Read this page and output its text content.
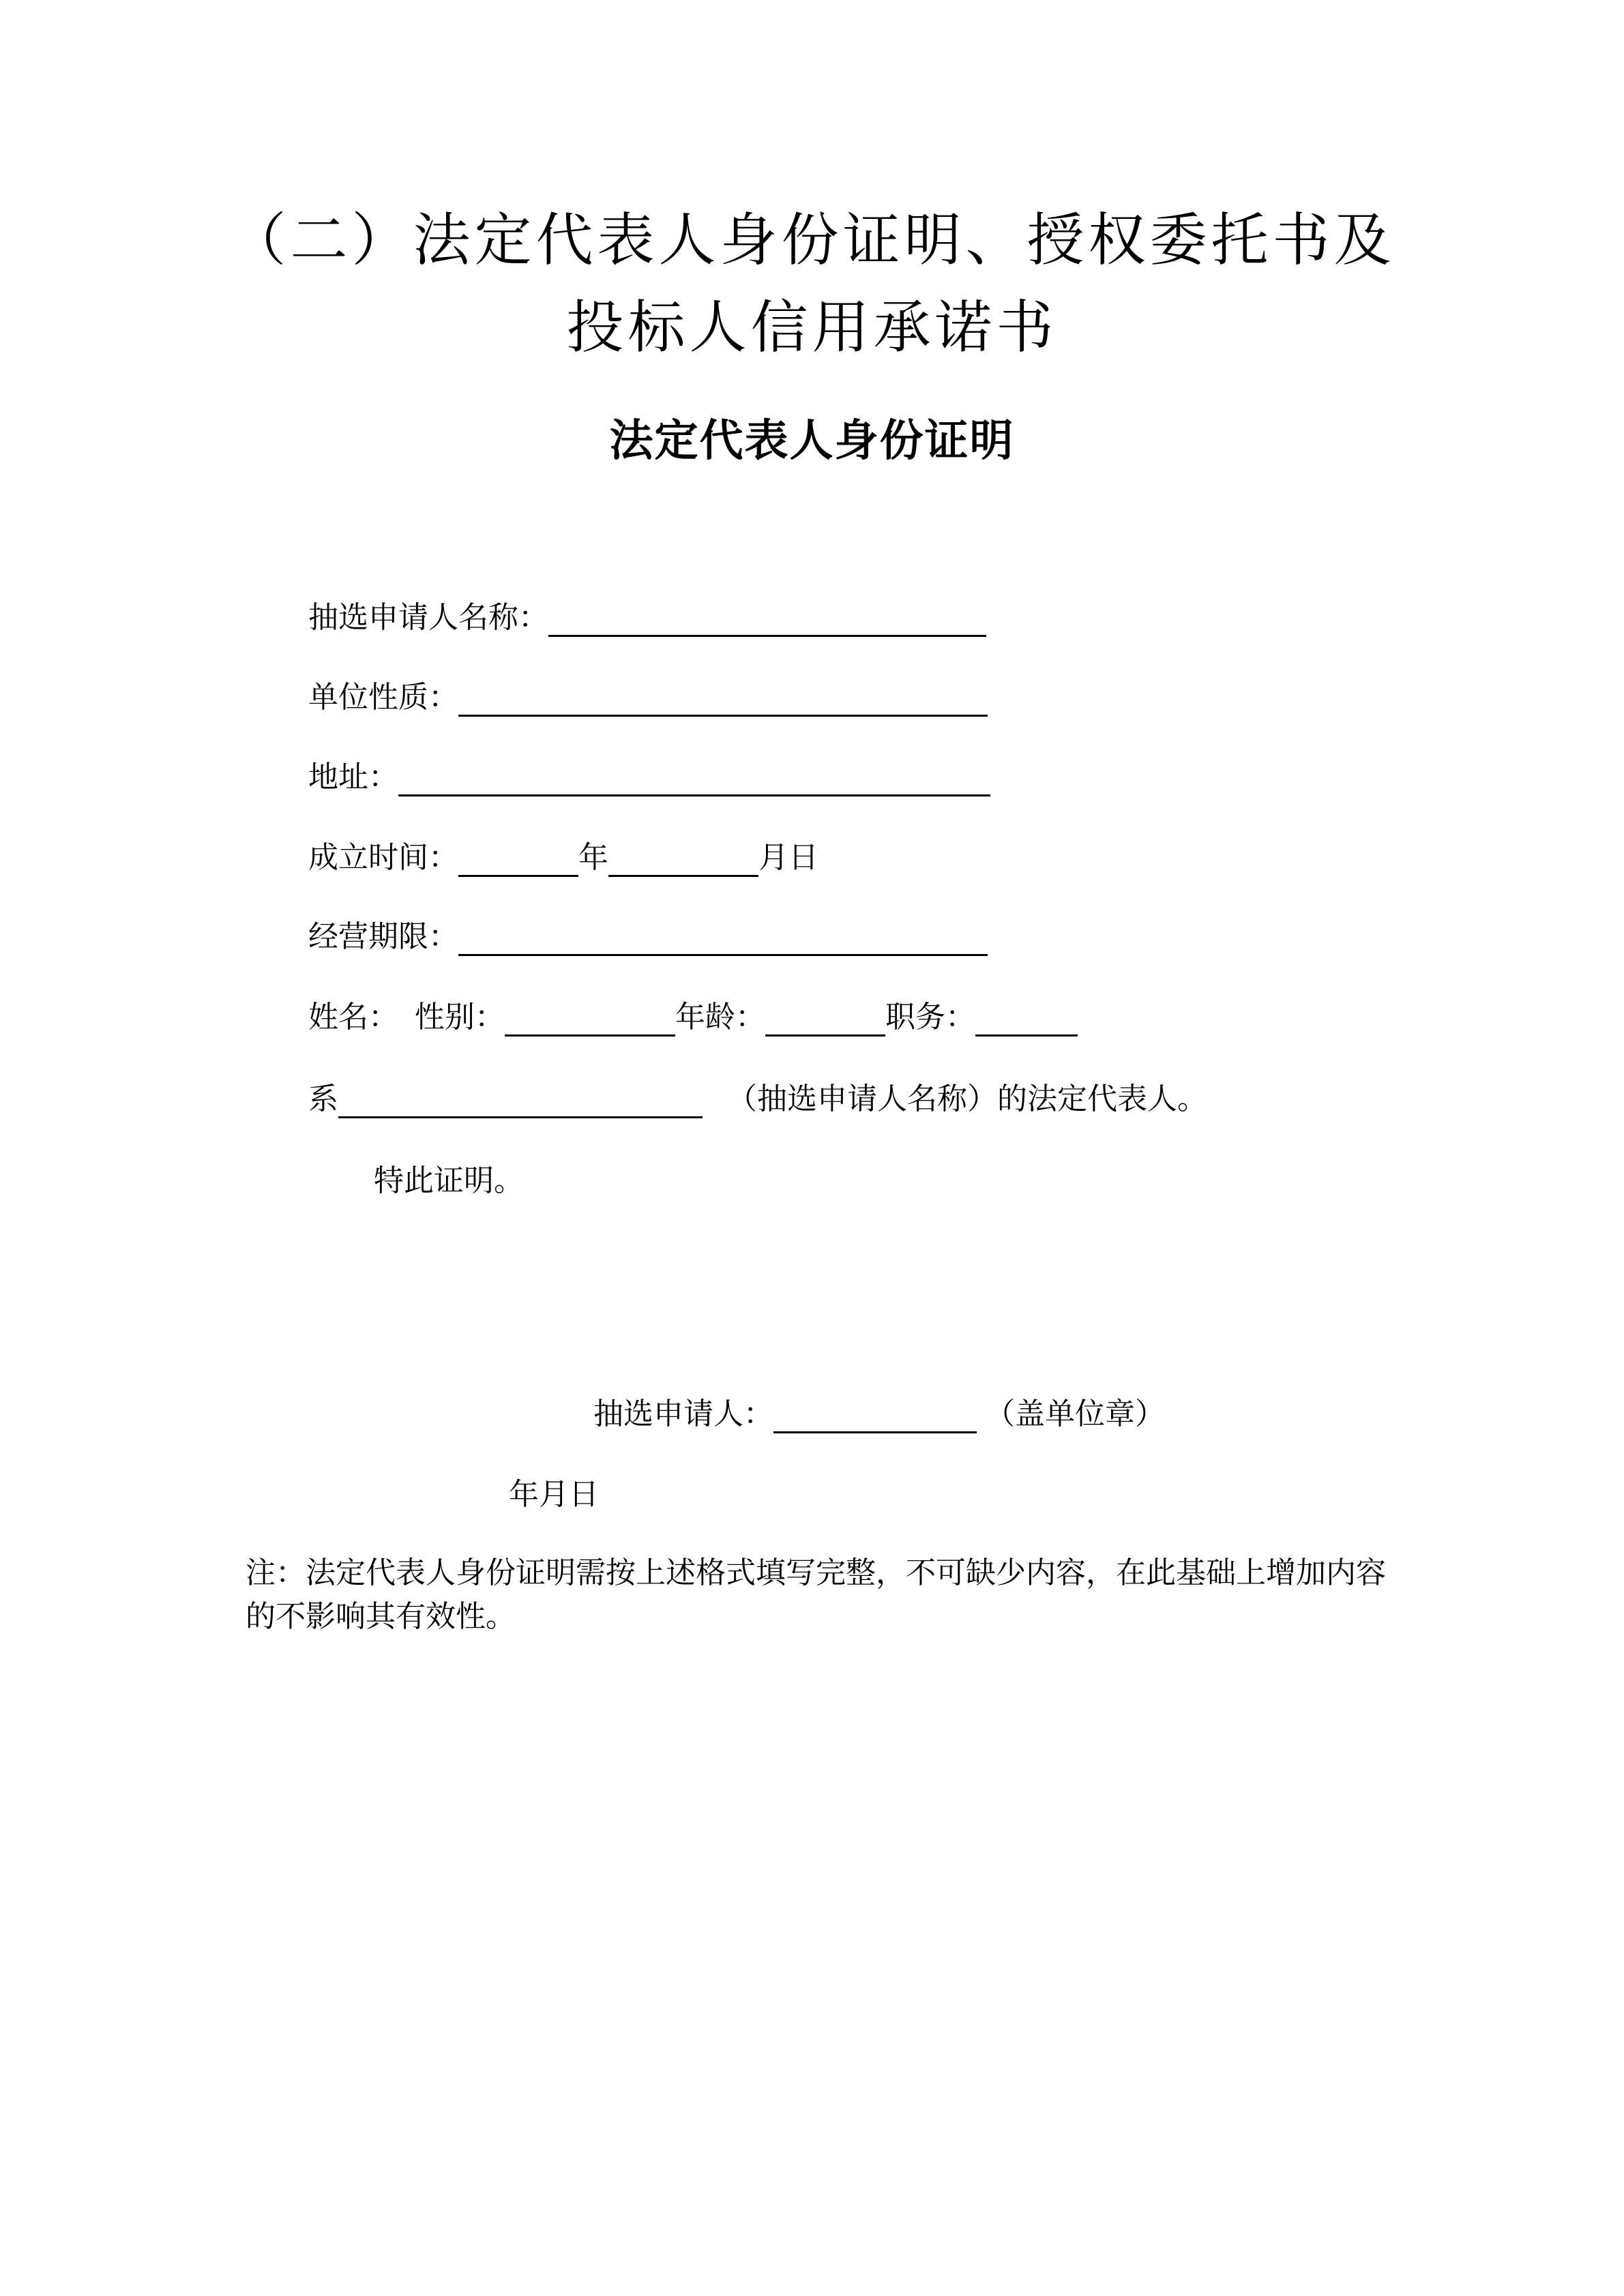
（二）法定代表人身份证明、授权委托书及
投标人信用承诺书
法定代表人身份证明
抽选申请人名称：
单位性质：
地址：
成立时间：	年	月日
经营期限：
姓名： 性别：	年龄：	职务：
系	（抽选申请人名称）的法定代表人。
特此证明。
抽选申请人：	（盖单位章）
年月日
注：法定代表人身份证明需按上述格式填写完整，不可缺少内容，在此基础上增加内容的不影响其有效性。
